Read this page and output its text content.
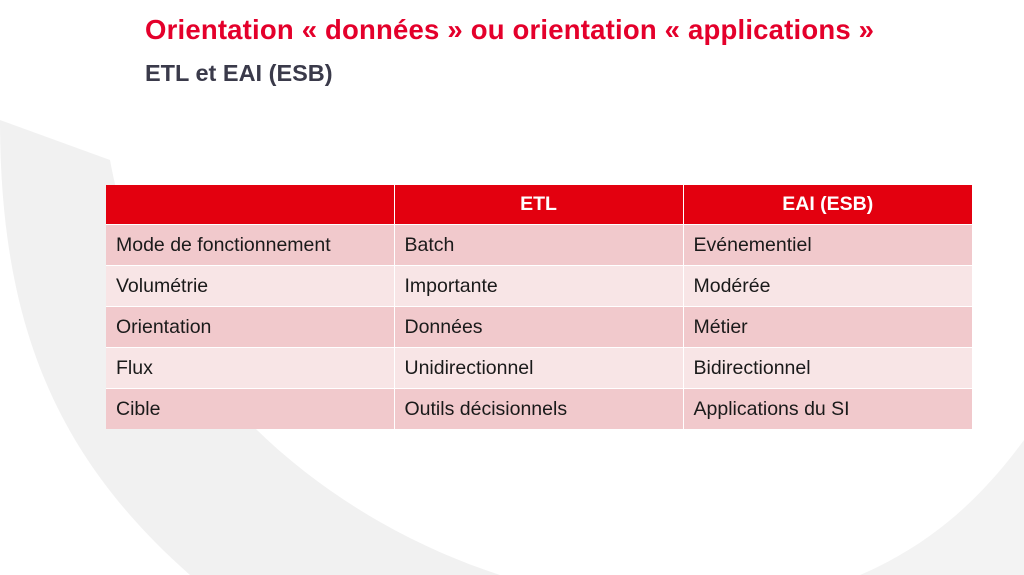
Orientation « données » ou orientation « applications »
ETL et EAI (ESB)
	ETL	EAI (ESB)
Mode de fonctionnement	Batch	Evénementiel
Volumétrie	Importante	Modérée
Orientation	Données	Métier
Flux	Unidirectionnel	Bidirectionnel
Cible	Outils décisionnels	Applications du SI
